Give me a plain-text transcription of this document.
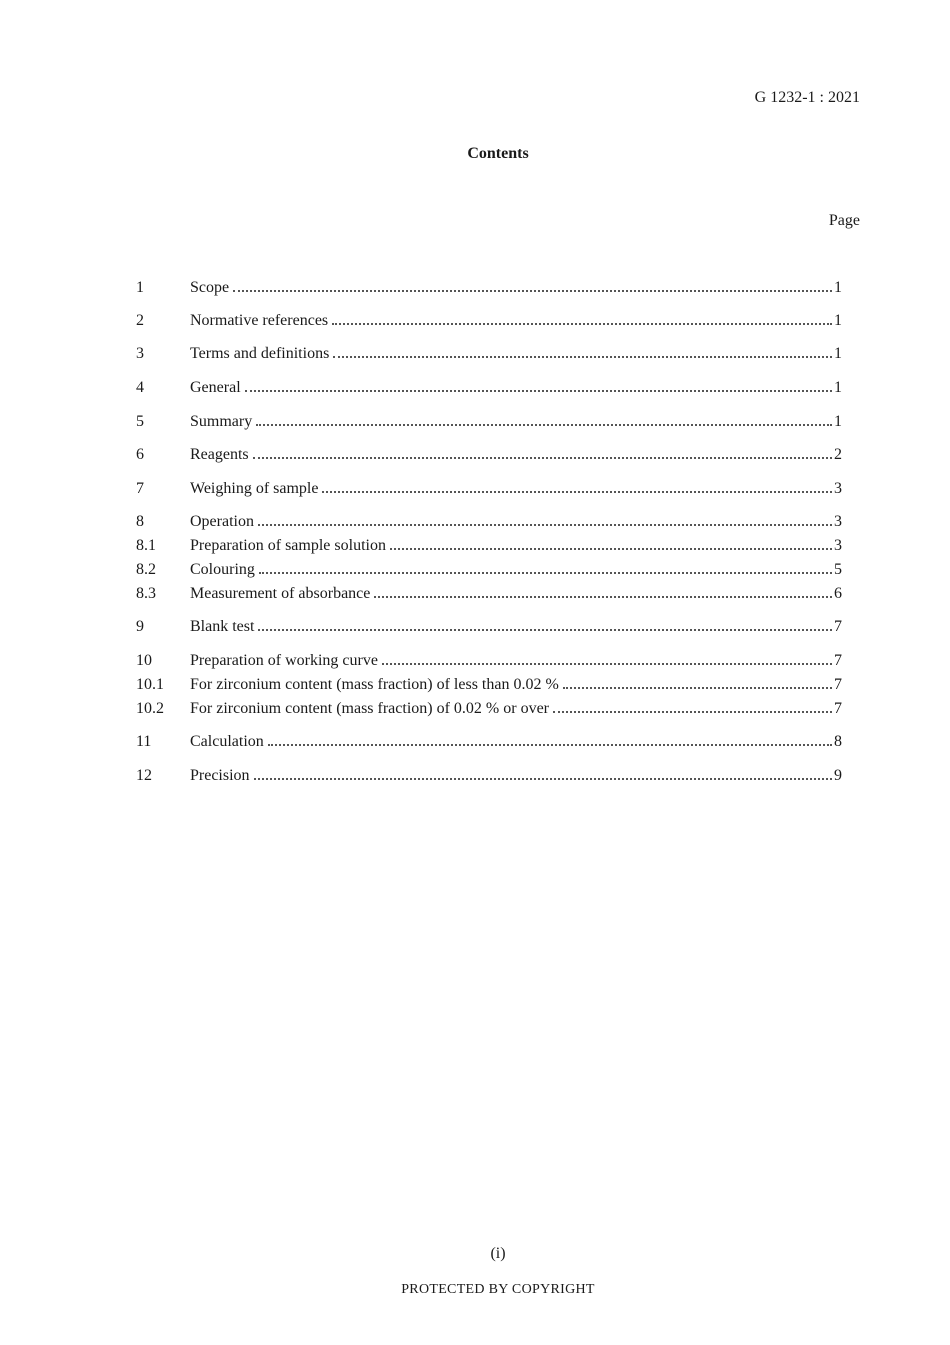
G 1232-1 : 2021
Contents
Page
1	Scope	1
2	Normative references	1
3	Terms and definitions	1
4	General	1
5	Summary	1
6	Reagents	2
7	Weighing of sample	3
8	Operation	3
8.1	Preparation of sample solution	3
8.2	Colouring	5
8.3	Measurement of absorbance	6
9	Blank test	7
10	Preparation of working curve	7
10.1	For zirconium content (mass fraction) of less than 0.02 %	7
10.2	For zirconium content (mass fraction) of 0.02 % or over	7
11	Calculation	8
12	Precision	9
(i)
PROTECTED BY COPYRIGHT
